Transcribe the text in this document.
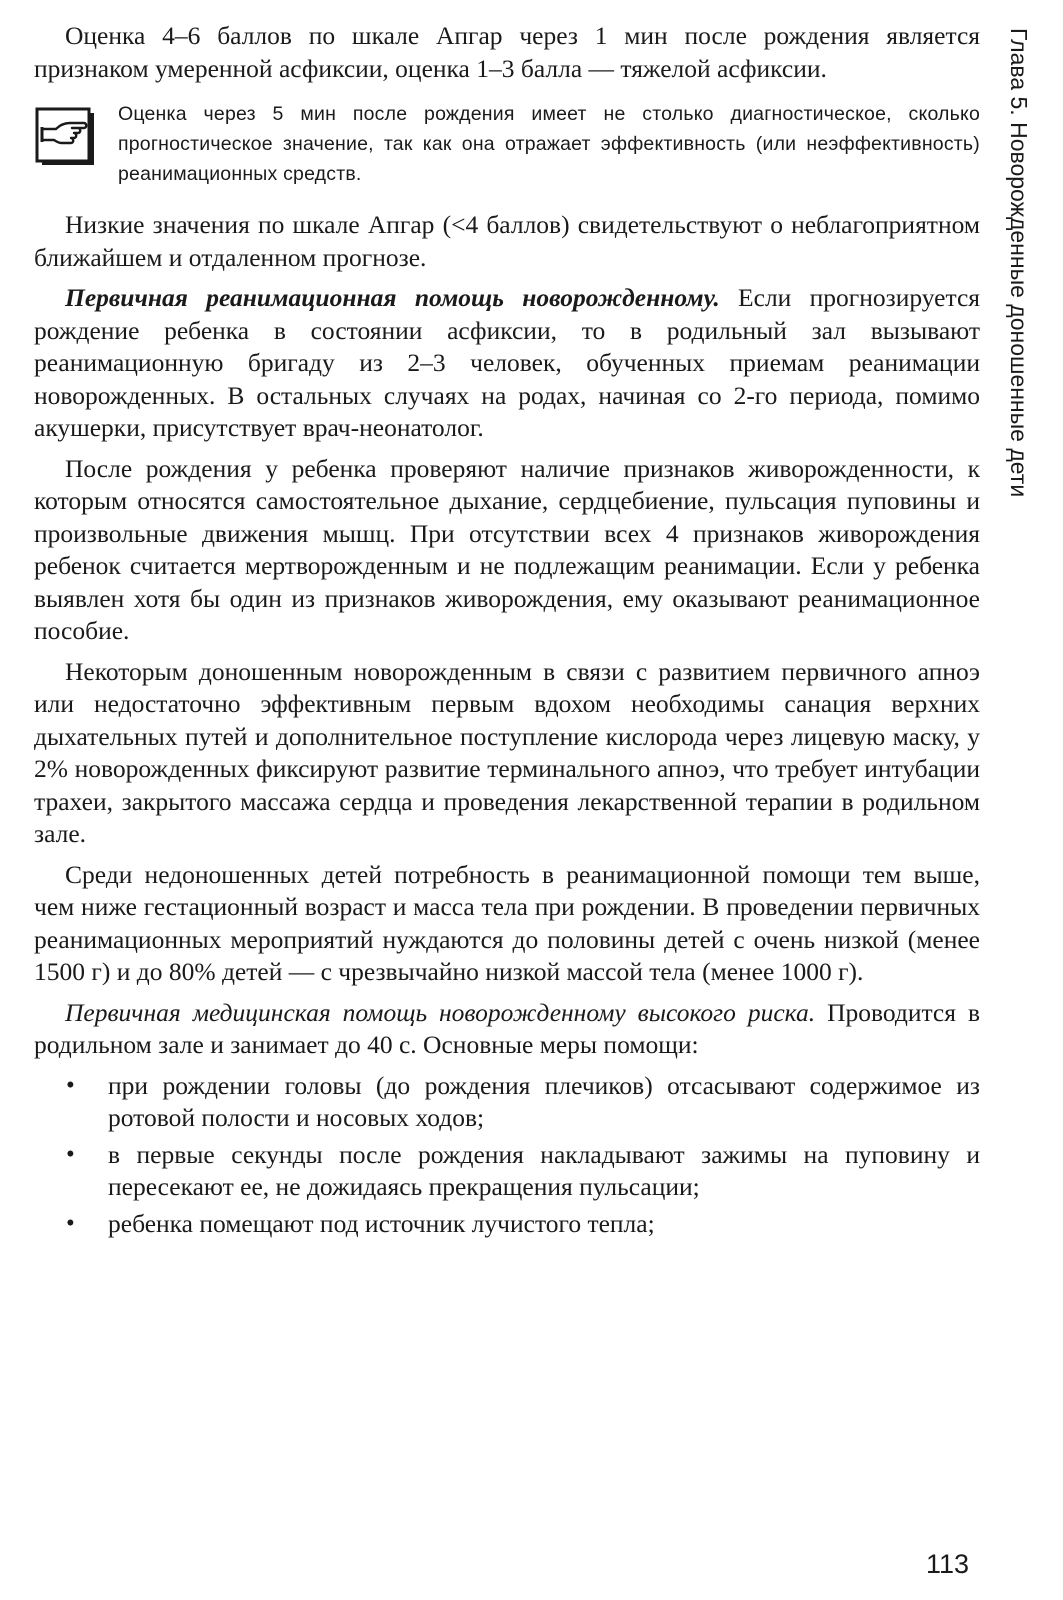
Оценка 4–6 баллов по шкале Апгар через 1 мин после рождения является признаком умеренной асфиксии, оценка 1–3 балла — тяжелой асфиксии.

Оценка через 5 мин после рождения имеет не столько диагностическое, сколько прогностическое значение, так как она отражает эффективность (или неэффективность) реанимационных средств.

Низкие значения по шкале Апгар (<4 баллов) свидетельствуют о неблагоприятном ближайшем и отдаленном прогнозе.

Первичная реанимационная помощь новорожденному. Если прогнозируется рождение ребенка в состоянии асфиксии, то в родильный зал вызывают реанимационную бригаду из 2–3 человек, обученных приемам реанимации новорожденных. В остальных случаях на родах, начиная со 2-го периода, помимо акушерки, присутствует врач-неонатолог.

После рождения у ребенка проверяют наличие признаков живорожденности, к которым относятся самостоятельное дыхание, сердцебиение, пульсация пуповины и произвольные движения мышц. При отсутствии всех 4 признаков живорождения ребенок считается мертворожденным и не подлежащим реанимации. Если у ребенка выявлен хотя бы один из признаков живорождения, ему оказывают реанимационное пособие.

Некоторым доношенным новорожденным в связи с развитием первичного апноэ или недостаточно эффективным первым вдохом необходимы санация верхних дыхательных путей и дополнительное поступление кислорода через лицевую маску, у 2% новорожденных фиксируют развитие терминального апноэ, что требует интубации трахеи, закрытого массажа сердца и проведения лекарственной терапии в родильном зале.

Среди недоношенных детей потребность в реанимационной помощи тем выше, чем ниже гестационный возраст и масса тела при рождении. В проведении первичных реанимационных мероприятий нуждаются до половины детей с очень низкой (менее 1500 г) и до 80% детей — с чрезвычайно низкой массой тела (менее 1000 г).

Первичная медицинская помощь новорожденному высокого риска. Проводится в родильном зале и занимает до 40 с. Основные меры помощи:

• при рождении головы (до рождения плечиков) отсасывают содержимое из ротовой полости и носовых ходов;
• в первые секунды после рождения накладывают зажимы на пуповину и пересекают ее, не дожидаясь прекращения пульсации;
• ребенка помещают под источник лучистого тепла;
Глава 5. Новорожденные доношенные дети
113
